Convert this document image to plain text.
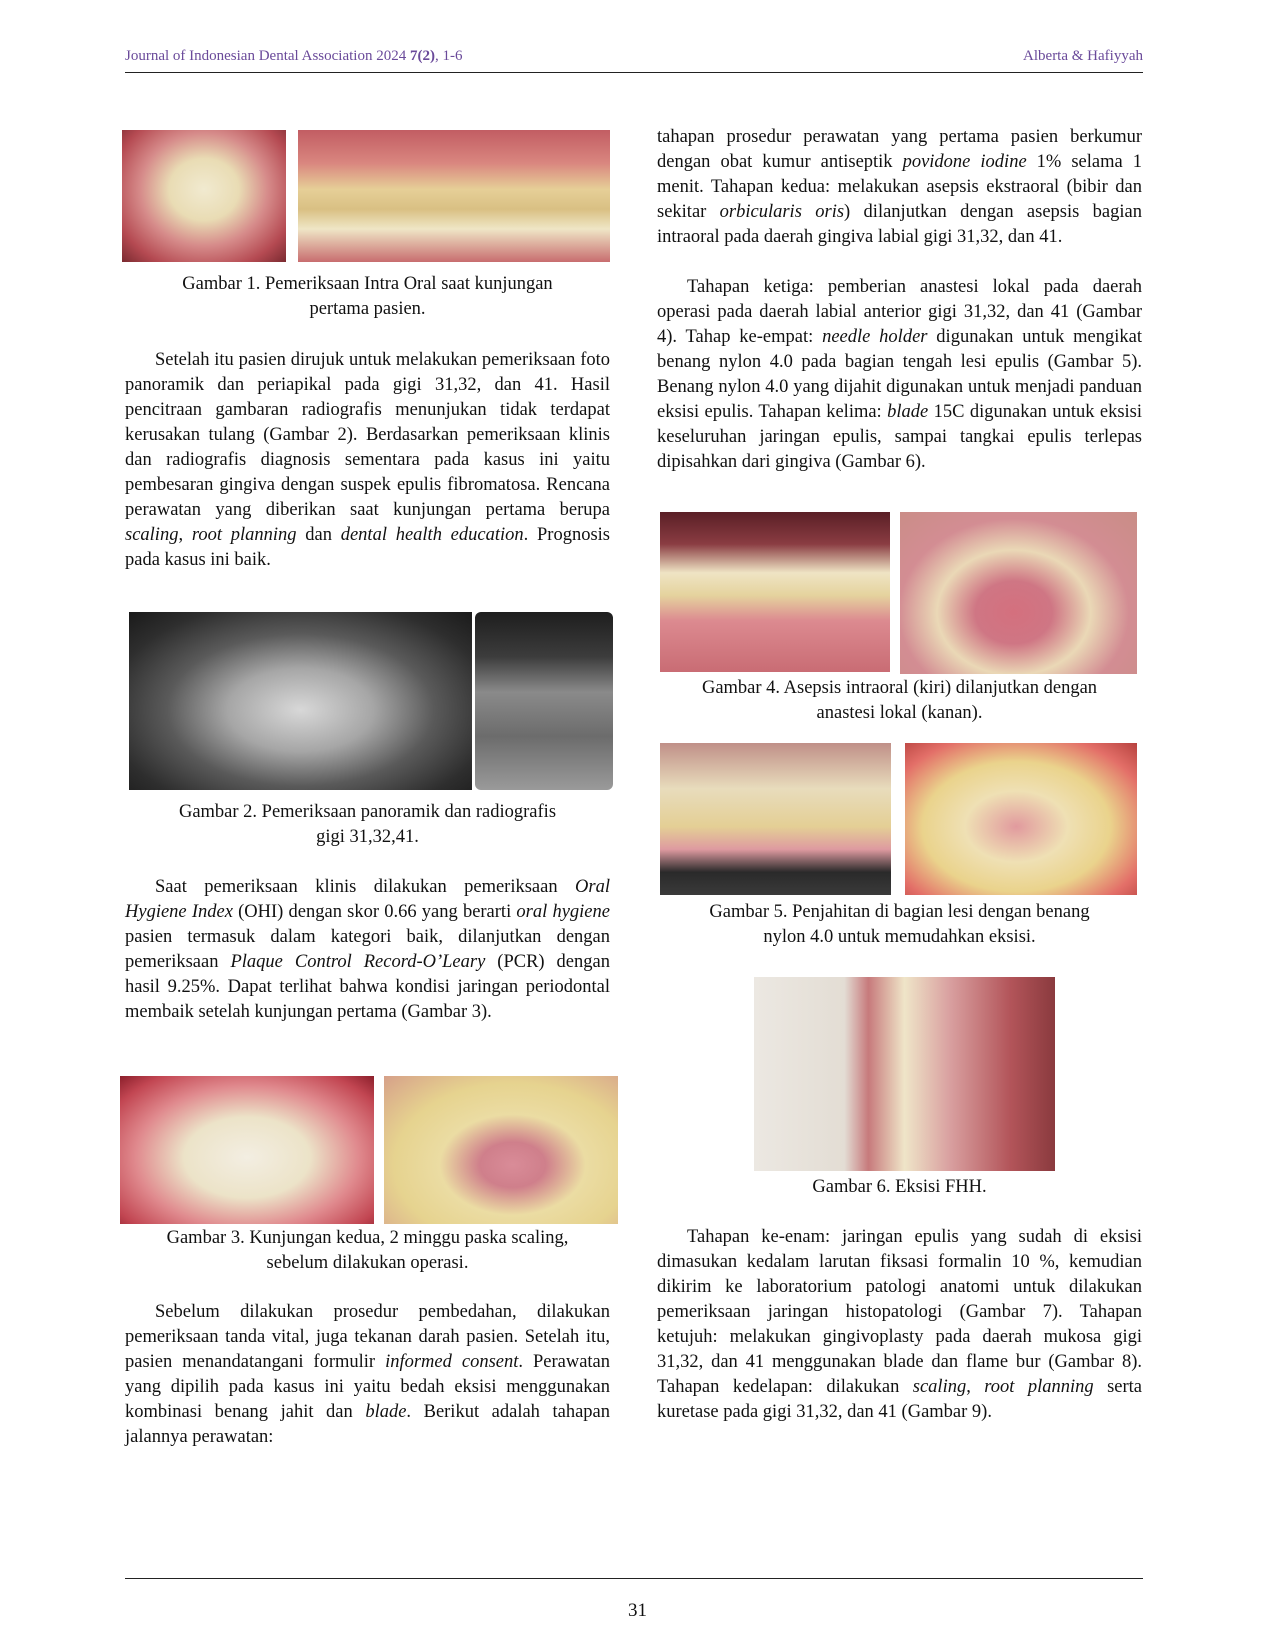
Journal of Indonesian Dental Association 2024 7(2), 1-6	Alberta & Hafiyyah
Gambar 1. Pemeriksaan Intra Oral saat kunjungan
pertama pasien.

Setelah itu pasien dirujuk untuk melakukan pemeriksaan foto panoramik dan periapikal pada gigi 31,32, dan 41. Hasil pencitraan gambaran radiografis menunjukan tidak terdapat kerusakan tulang (Gambar 2). Berdasarkan pemeriksaan klinis dan radiografis diagnosis sementara pada kasus ini yaitu pembesaran gingiva dengan suspek epulis fibromatosa. Rencana perawatan yang diberikan saat kunjungan pertama berupa scaling, root planning dan dental health education. Prognosis pada kasus ini baik.

Gambar 2. Pemeriksaan panoramik dan radiografis
gigi 31,32,41.

Saat pemeriksaan klinis dilakukan pemeriksaan Oral Hygiene Index (OHI) dengan skor 0.66 yang berarti oral hygiene pasien termasuk dalam kategori baik, dilanjutkan dengan pemeriksaan Plaque Control Record-O’Leary (PCR) dengan hasil 9.25%. Dapat terlihat bahwa kondisi jaringan periodontal membaik setelah kunjungan pertama (Gambar 3).

Gambar 3. Kunjungan kedua, 2 minggu paska scaling,
sebelum dilakukan operasi.

Sebelum dilakukan prosedur pembedahan, dilakukan pemeriksaan tanda vital, juga tekanan darah pasien. Setelah itu, pasien menandatangani formulir informed consent. Perawatan yang dipilih pada kasus ini yaitu bedah eksisi menggunakan kombinasi benang jahit dan blade. Berikut adalah tahapan jalannya perawatan:

tahapan prosedur perawatan yang pertama pasien berkumur dengan obat kumur antiseptik povidone iodine 1% selama 1 menit. Tahapan kedua: melakukan asepsis ekstraoral (bibir dan sekitar orbicularis oris) dilanjutkan dengan asepsis bagian intraoral pada daerah gingiva labial gigi 31,32, dan 41.

Tahapan ketiga: pemberian anastesi lokal pada daerah operasi pada daerah labial anterior gigi 31,32, dan 41 (Gambar 4). Tahap ke-empat: needle holder digunakan untuk mengikat benang nylon 4.0 pada bagian tengah lesi epulis (Gambar 5). Benang nylon 4.0 yang dijahit digunakan untuk menjadi panduan eksisi epulis. Tahapan kelima: blade 15C digunakan untuk eksisi keseluruhan jaringan epulis, sampai tangkai epulis terlepas dipisahkan dari gingiva (Gambar 6).

Gambar 4. Asepsis intraoral (kiri) dilanjutkan dengan
anastesi lokal (kanan).
Gambar 5. Penjahitan di bagian lesi dengan benang
nylon 4.0 untuk memudahkan eksisi.
Gambar 6. Eksisi FHH.

Tahapan ke-enam: jaringan epulis yang sudah di eksisi dimasukan kedalam larutan fiksasi formalin 10 %, kemudian dikirim ke laboratorium patologi anatomi untuk dilakukan pemeriksaan jaringan histopatologi (Gambar 7). Tahapan ketujuh: melakukan gingivoplasty pada daerah mukosa gigi 31,32, dan 41 menggunakan blade dan flame bur (Gambar 8). Tahapan kedelapan: dilakukan scaling, root planning serta kuretase pada gigi 31,32, dan 41 (Gambar 9).

31
